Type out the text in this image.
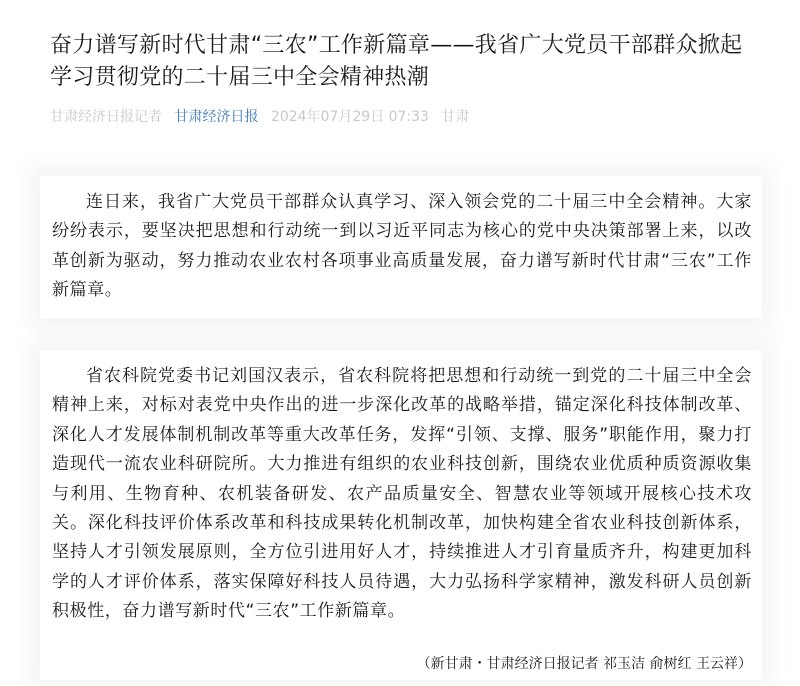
奋力谱写新时代甘肃“三农”工作新篇章——我省广大党员干部群众掀起学习贯彻党的二十届三中全会精神热潮
甘肃经济日报记者 甘肃经济日报 2024年07月29日 07:33 甘肃

连日来，我省广大党员干部群众认真学习、深入领会党的二十届三中全会精神。大家纷纷表示，要坚决把思想和行动统一到以习近平同志为核心的党中央决策部署上来，以改革创新为驱动，努力推动农业农村各项事业高质量发展，奋力谱写新时代甘肃“三农”工作新篇章。

省农科院党委书记刘国汉表示，省农科院将把思想和行动统一到党的二十届三中全会精神上来，对标对表党中央作出的进一步深化改革的战略举措，锚定深化科技体制改革、深化人才发展体制机制改革等重大改革任务，发挥“引领、支撑、服务”职能作用，聚力打造现代一流农业科研院所。大力推进有组织的农业科技创新，围绕农业优质种质资源收集与利用、生物育种、农机装备研发、农产品质量安全、智慧农业等领域开展核心技术攻关。深化科技评价体系改革和科技成果转化机制改革，加快构建全省农业科技创新体系，坚持人才引领发展原则，全方位引进用好人才，持续推进人才引育量质齐升，构建更加科学的人才评价体系，落实保障好科技人员待遇，大力弘扬科学家精神，激发科研人员创新积极性，奋力谱写新时代“三农”工作新篇章。

（新甘肃・甘肃经济日报记者 祁玉洁 俞树红 王云祥）
